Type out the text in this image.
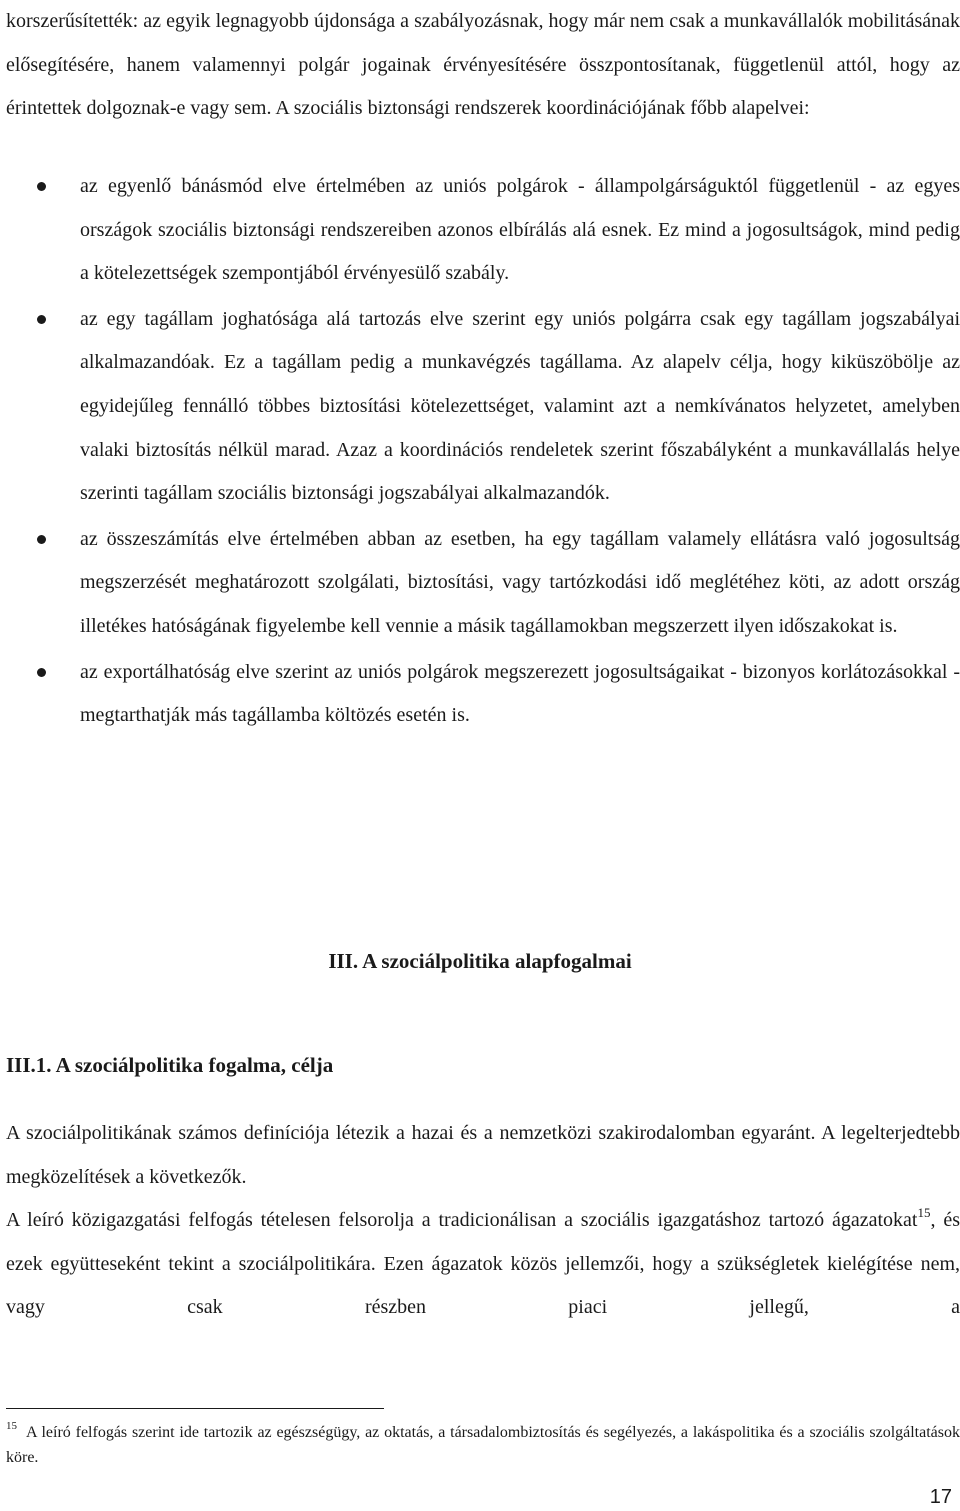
korszerűsítették: az egyik legnagyobb újdonsága a szabályozásnak, hogy már nem csak a munkavállalók mobilitásának elősegítésére, hanem valamennyi polgár jogainak érvényesítésére összpontosítanak, függetlenül attól, hogy az érintettek dolgoznak-e vagy sem. A szociális biztonsági rendszerek koordinációjának főbb alapelvei:

az egyenlő bánásmód elve értelmében az uniós polgárok - állampolgárságuktól függetlenül - az egyes országok szociális biztonsági rendszereiben azonos elbírálás alá esnek. Ez mind a jogosultságok, mind pedig a kötelezettségek szempontjából érvényesülő szabály.
az egy tagállam joghatósága alá tartozás elve szerint egy uniós polgárra csak egy tagállam jogszabályai alkalmazandóak. Ez a tagállam pedig a munkavégzés tagállama. Az alapelv célja, hogy kiküszöbölje az egyidejűleg fennálló többes biztosítási kötelezettséget, valamint azt a nemkívánatos helyzetet, amelyben valaki biztosítás nélkül marad. Azaz a koordinációs rendeletek szerint főszabályként a munkavállalás helye szerinti tagállam szociális biztonsági jogszabályai alkalmazandók.
az összeszámítás elve értelmében abban az esetben, ha egy tagállam valamely ellátásra való jogosultság megszerzését meghatározott szolgálati, biztosítási, vagy tartózkodási idő meglétéhez köti, az adott ország illetékes hatóságának figyelembe kell vennie a másik tagállamokban megszerzett ilyen időszakokat is.
az exportálhatóság elve szerint az uniós polgárok megszerezett jogosultságaikat - bizonyos korlátozásokkal - megtarthatják más tagállamba költözés esetén is.
III. A szociálpolitika alapfogalmai
III.1. A szociálpolitika fogalma, célja

A szociálpolitikának számos definíciója létezik a hazai és a nemzetközi szakirodalomban egyaránt. A legelterjedtebb megközelítések a következők.

A leíró közigazgatási felfogás tételesen felsorolja a tradicionálisan a szociális igazgatáshoz tartozó ágazatokat$^{15}$, és ezek együtteseként tekint a szociálpolitikára. Ezen ágazatok közös jellemzői, hogy a szükségletek kielégítése nem, vagy csak részben piaci jellegű, a

$^{15}$ A leíró felfogás szerint ide tartozik az egészségügy, az oktatás, a társadalombiztosítás és segélyezés, a lakáspolitika és a szociális szolgáltatások köre.

17
